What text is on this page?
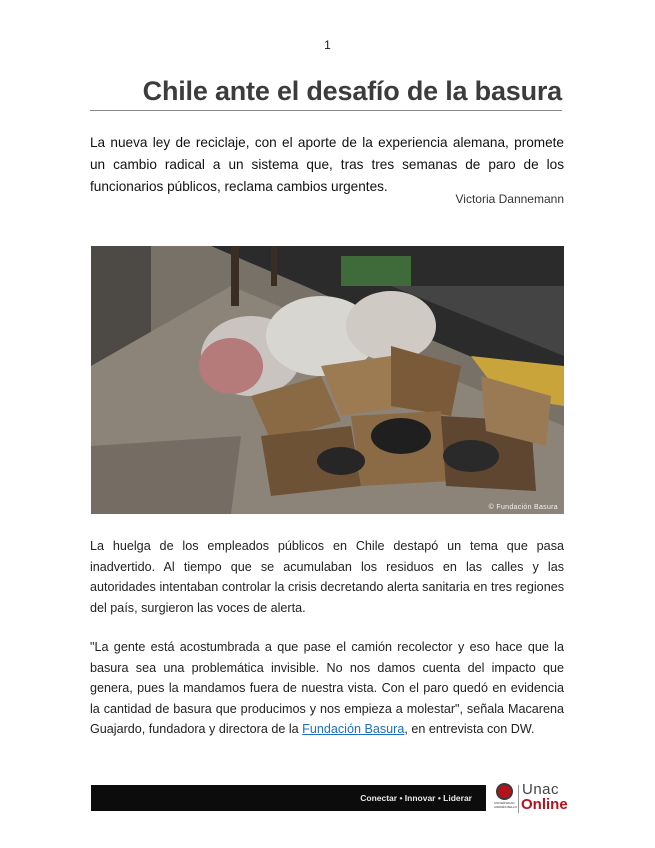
1
Chile ante el desafío de la basura
La nueva ley de reciclaje, con el aporte de la experiencia alemana, promete un cambio radical a un sistema que, tras tres semanas de paro de los funcionarios públicos, reclama cambios urgentes.
Victoria Dannemann
© Fundación Basura
La huelga de los empleados públicos en Chile destapó un tema que pasa inadvertido. Al tiempo que se acumulaban los residuos en las calles y las autoridades intentaban controlar la crisis decretando alerta sanitaria en tres regiones del país, surgieron las voces de alerta.
"La gente está acostumbrada a que pase el camión recolector y eso hace que la basura sea una problemática invisible. No nos damos cuenta del impacto que genera, pues la mandamos fuera de nuestra vista. Con el paro quedó en evidencia la cantidad de basura que producimos y nos empieza a molestar", señala Macarena Guajardo, fundadora y directora de la Fundación Basura, en entrevista con DW.
Conectar • Innovar • Liderar	UNIVERSIDAD ANDRÉS BELLO
Unac
Online
